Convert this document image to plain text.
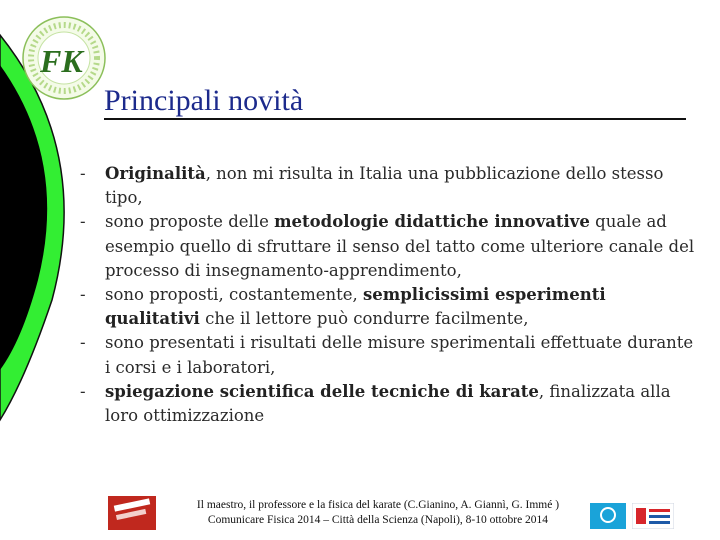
FK
Principali novità
- Originalità, non mi risulta in Italia una pubblicazione dello stesso tipo,
- sono proposte delle metodologie didattiche innovative quale ad esempio quello di sfruttare il senso del tatto come ulteriore canale del processo di insegnamento-apprendimento,
- sono proposti, costantemente, semplicissimi esperimenti qualitativi che il lettore può condurre facilmente,
- sono presentati i risultati delle misure sperimentali effettuate durante i corsi e i laboratori,
- spiegazione scientifica delle tecniche di karate, finalizzata alla loro ottimizzazione
Il maestro, il professore e la fisica del karate (C.Gianino, A. Giannì, G. Immé )
Comunicare Fisica 2014 – Città della Scienza (Napoli), 8-10 ottobre 2014
